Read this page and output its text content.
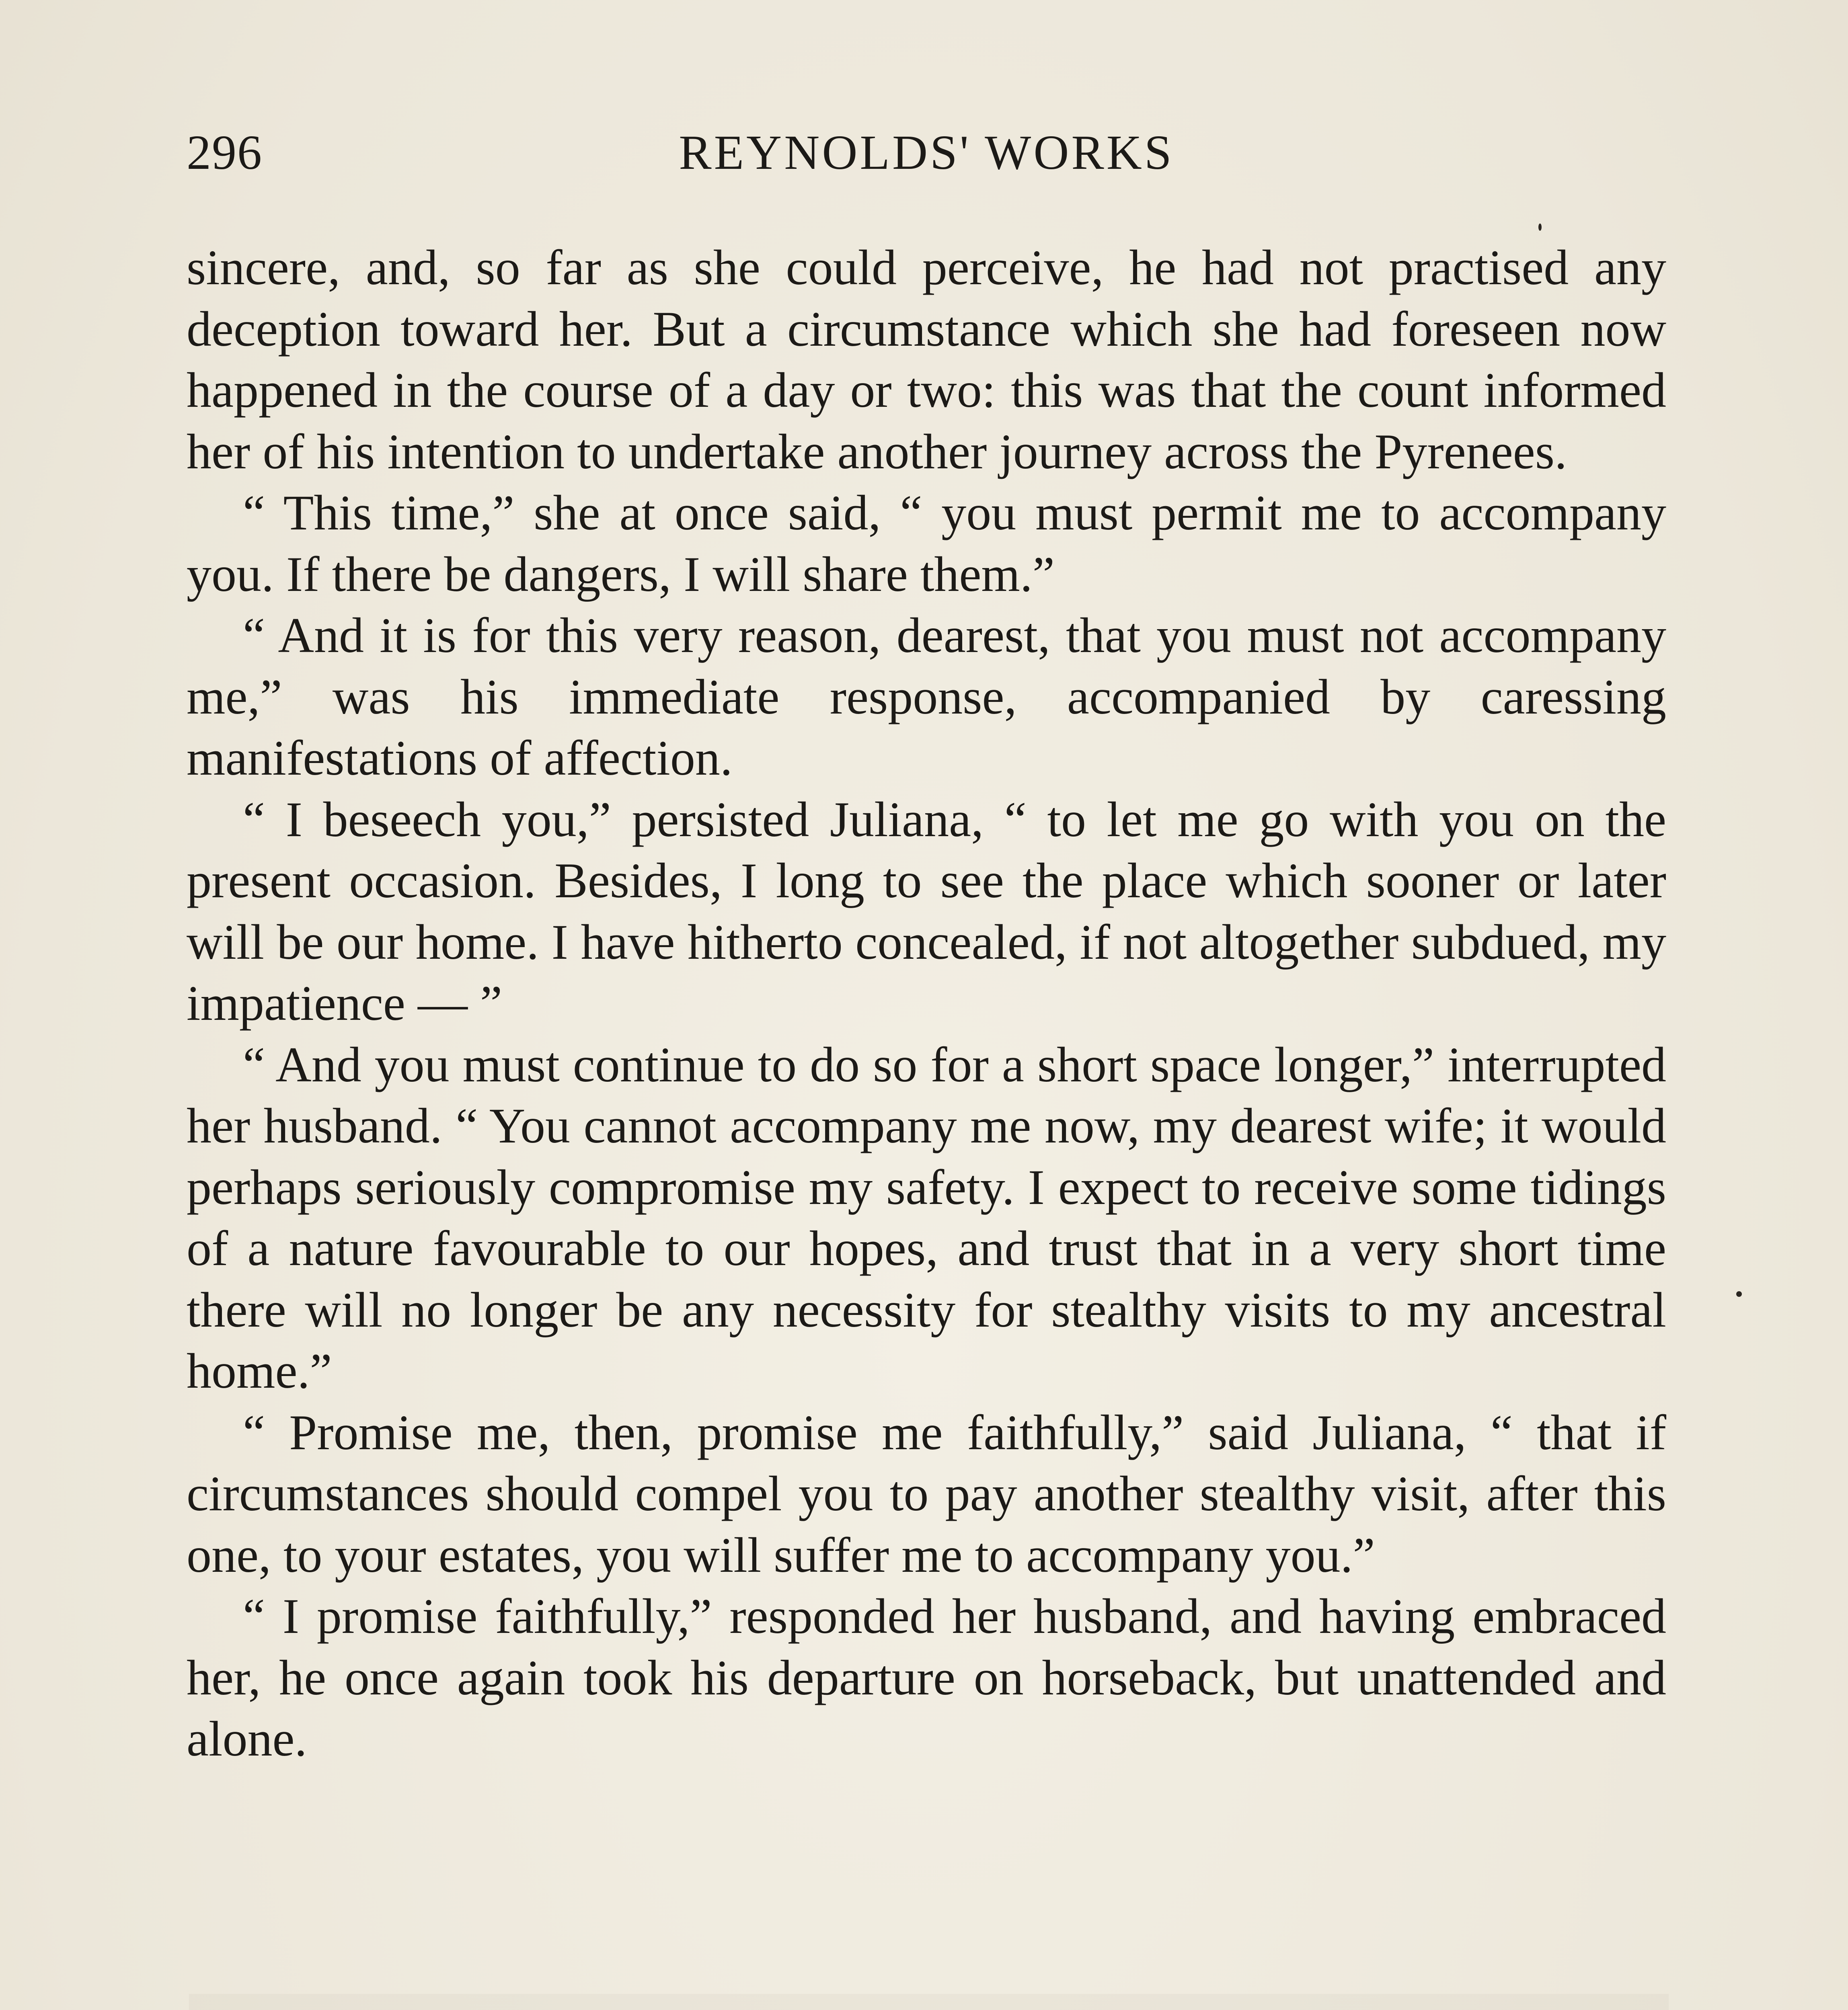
296	REYNOLDS' WORKS

sincere, and, so far as she could perceive, he had not practised any deception toward her. But a circumstance which she had foreseen now happened in the course of a day or two: this was that the count informed her of his intention to undertake another journey across the Pyrenees.

“ This time,” she at once said, “ you must permit me to accompany you. If there be dangers, I will share them.”

“ And it is for this very reason, dearest, that you must not accompany me,” was his immediate response, accompanied by caressing manifestations of affection.

“ I beseech you,” persisted Juliana, “ to let me go with you on the present occasion. Besides, I long to see the place which sooner or later will be our home. I have hitherto concealed, if not altogether subdued, my impatience — ”

“ And you must continue to do so for a short space longer,” interrupted her husband. “ You cannot accompany me now, my dearest wife; it would perhaps seriously compromise my safety. I expect to receive some tidings of a nature favourable to our hopes, and trust that in a very short time there will no longer be any necessity for stealthy visits to my ancestral home.”

“ Promise me, then, promise me faithfully,” said Juliana, “ that if circumstances should compel you to pay another stealthy visit, after this one, to your estates, you will suffer me to accompany you.”

“ I promise faithfully,” responded her husband, and having embraced her, he once again took his departure on horseback, but unattended and alone.
